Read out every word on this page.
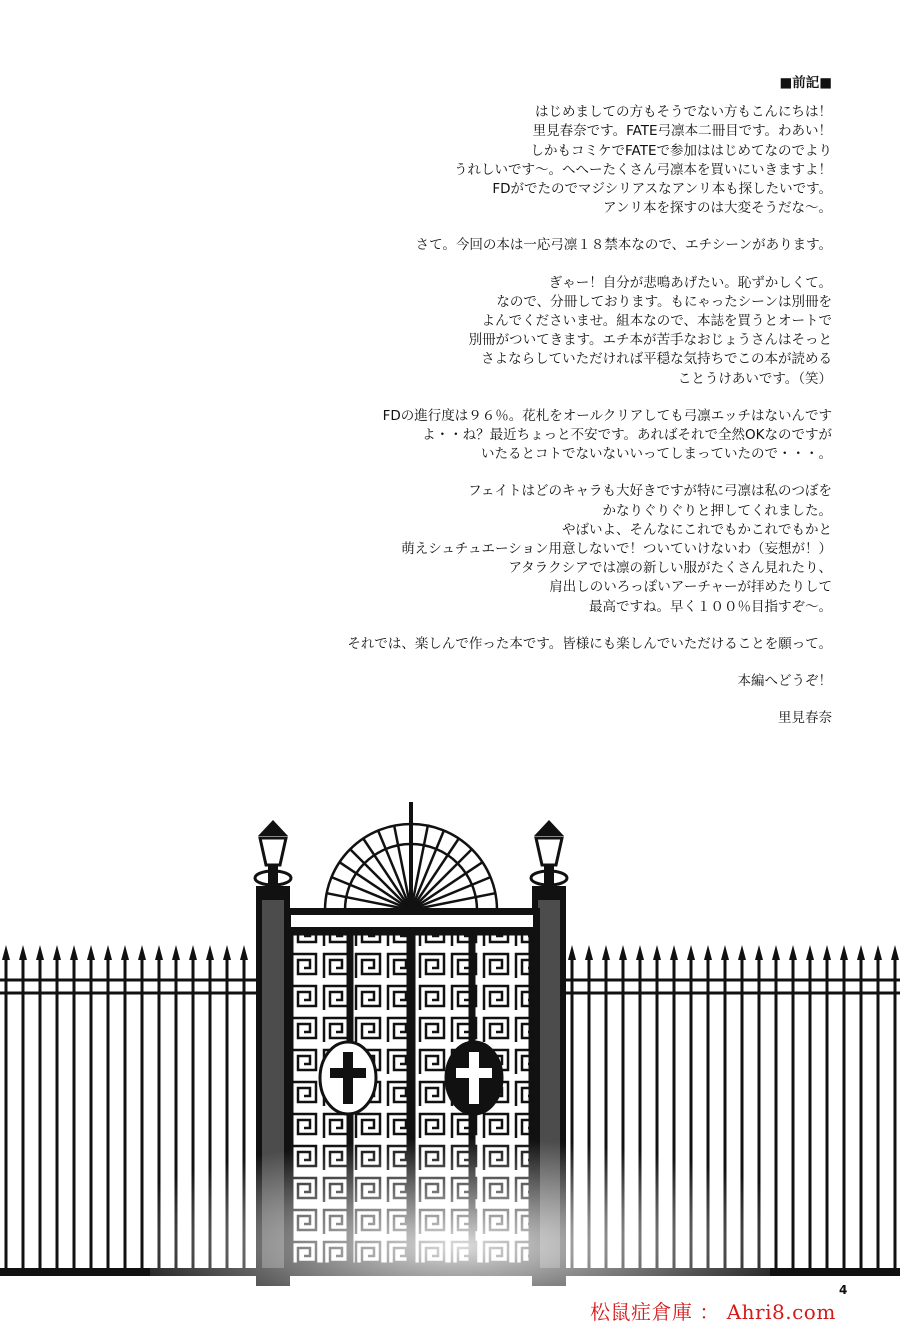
■前記■
はじめましての方もそうでない方もこんにちは！
里見春奈です。FATE弓凛本二冊目です。わあい！
しかもコミケでFATEで参加ははじめてなのでより
うれしいです〜。へへーたくさん弓凛本を買いにいきますよ！
FDがでたのでマジシリアスなアンリ本も探したいです。
アンリ本を探すのは大変そうだな〜。
さて。今回の本は一応弓凛１８禁本なので、エチシーンがあります。
ぎゃー！自分が悲鳴あげたい。恥ずかしくて。
なので、分冊しております。もにゃったシーンは別冊を
よんでくださいませ。組本なので、本誌を買うとオートで
別冊がついてきます。エチ本が苦手なおじょうさんはそっと
さよならしていただければ平穏な気持ちでこの本が読める
ことうけあいです。（笑）
FDの進行度は９６％。花札をオールクリアしても弓凛エッチはないんです
よ・・ね？最近ちょっと不安です。あればそれで全然OKなのですが
いたるとコトでないないいってしまっていたので・・・。
フェイトはどのキャラも大好きですが特に弓凛は私のつぼを
かなりぐりぐりと押してくれました。
やばいよ、そんなにこれでもかこれでもかと
萌えシュチュエーション用意しないで！ついていけないわ（妄想が！）
アタラクシアでは凛の新しい服がたくさん見れたり、
肩出しのいろっぽいアーチャーが拝めたりして
最高ですね。早く１００％目指すぞ〜。
それでは、楽しんで作った本です。皆様にも楽しんでいただけることを願って。
本編へどうぞ！
里見春奈
4
松鼠症倉庫 ： Ahri8.com
